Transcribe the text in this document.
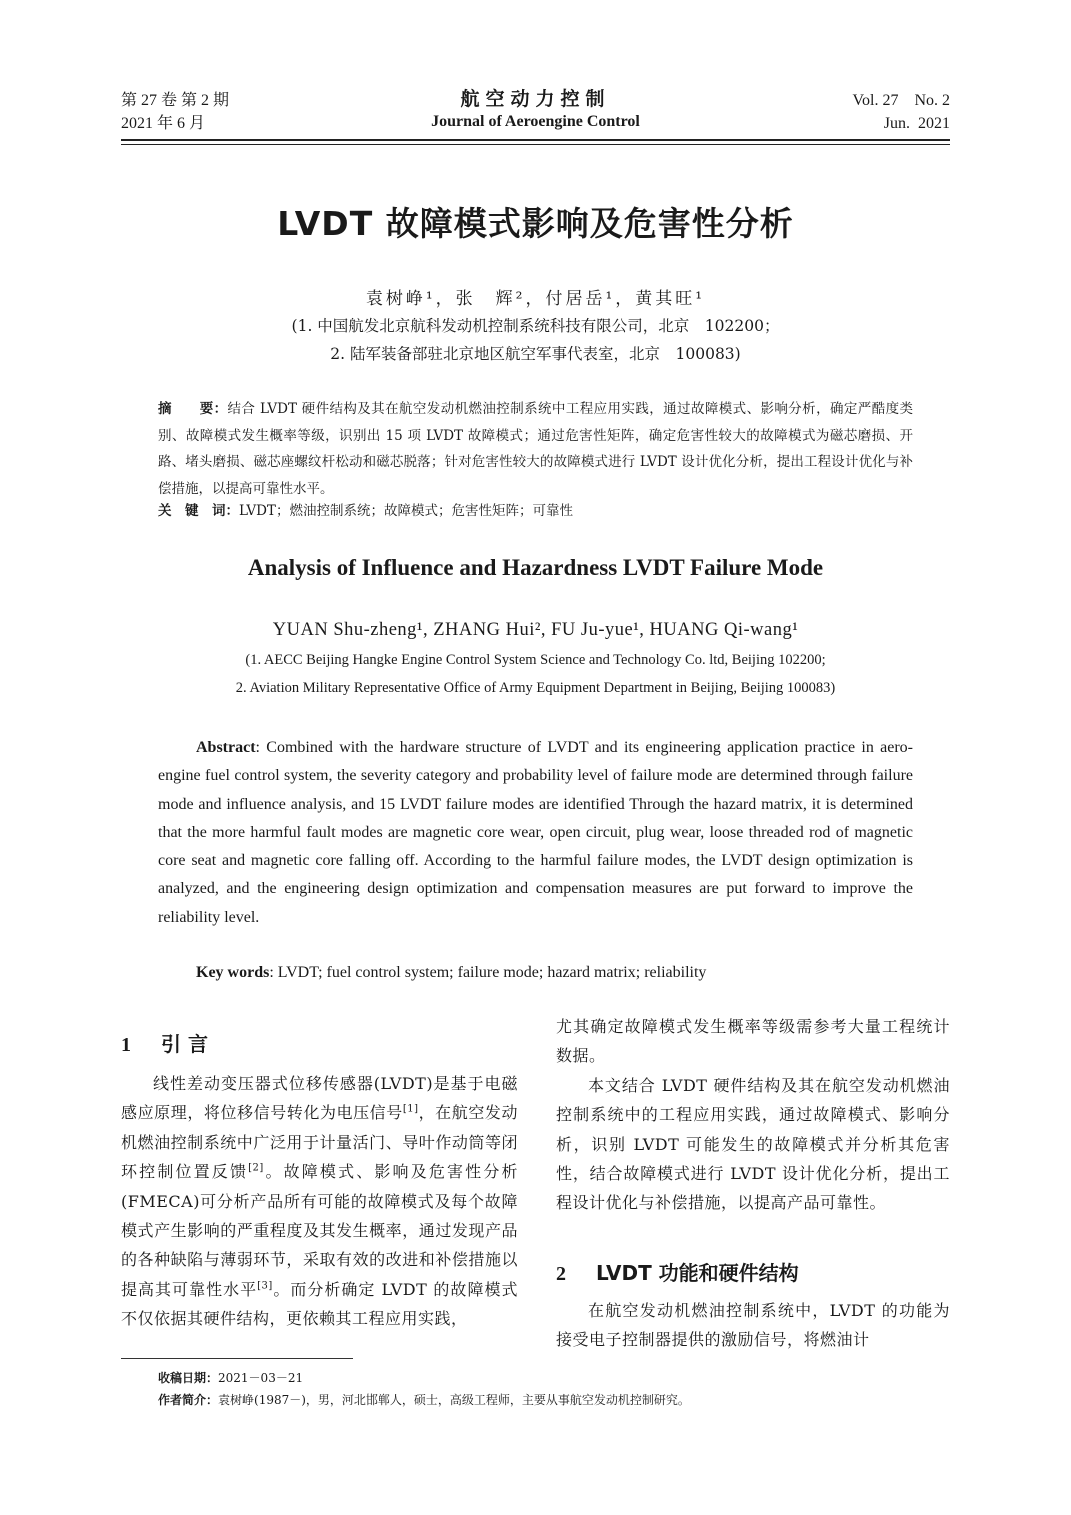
第 27 卷 第 2 期
2021 年 6 月
航空动力控制
Journal of Aeroengine Control
Vol. 27    No. 2
Jun.  2021
LVDT 故障模式影响及危害性分析
袁树峥¹，张　辉²，付居岳¹，黄其旺¹
(1. 中国航发北京航科发动机控制系统科技有限公司，北京　102200；
2. 陆军装备部驻北京地区航空军事代表室，北京　100083)
摘　　要：结合 LVDT 硬件结构及其在航空发动机燃油控制系统中工程应用实践，通过故障模式、影响分析，确定严酷度类别、故障模式发生概率等级，识别出 15 项 LVDT 故障模式；通过危害性矩阵，确定危害性较大的故障模式为磁芯磨损、开路、堵头磨损、磁芯座螺纹杆松动和磁芯脱落；针对危害性较大的故障模式进行 LVDT 设计优化分析，提出工程设计优化与补偿措施，以提高可靠性水平。
关　键　词：LVDT；燃油控制系统；故障模式；危害性矩阵；可靠性
Analysis of Influence and Hazardness LVDT Failure Mode
YUAN Shu-zheng¹, ZHANG Hui², FU Ju-yue¹, HUANG Qi-wang¹
(1. AECC Beijing Hangke Engine Control System Science and Technology Co. ltd, Beijing 102200;
2. Aviation Military Representative Office of Army Equipment Department in Beijing, Beijing 100083)
Abstract: Combined with the hardware structure of LVDT and its engineering application practice in aero-engine fuel control system, the severity category and probability level of failure mode are determined through failure mode and influence analysis, and 15 LVDT failure modes are identified Through the hazard matrix, it is determined that the more harmful fault modes are magnetic core wear, open circuit, plug wear, loose threaded rod of magnetic core seat and magnetic core falling off. According to the harmful failure modes, the LVDT design optimization is analyzed, and the engineering design optimization and compensation measures are put forward to improve the reliability level.
Key words: LVDT; fuel control system; failure mode; hazard matrix; reliability
1 引 言

线性差动变压器式位移传感器(LVDT)是基于电磁感应原理，将位移信号转化为电压信号[1]，在航空发动机燃油控制系统中广泛用于计量活门、导叶作动筒等闭环控制位置反馈[2]。故障模式、影响及危害性分析(FMECA)可分析产品所有可能的故障模式及每个故障模式产生影响的严重程度及其发生概率，通过发现产品的各种缺陷与薄弱环节，采取有效的改进和补偿措施以提高其可靠性水平[3]。而分析确定 LVDT 的故障模式不仅依据其硬件结构，更依赖其工程应用实践，

尤其确定故障模式发生概率等级需参考大量工程统计数据。

本文结合 LVDT 硬件结构及其在航空发动机燃油控制系统中的工程应用实践，通过故障模式、影响分析，识别 LVDT 可能发生的故障模式并分析其危害性，结合故障模式进行 LVDT 设计优化分析，提出工程设计优化与补偿措施，以提高产品可靠性。

2 LVDT 功能和硬件结构

在航空发动机燃油控制系统中，LVDT 的功能为接受电子控制器提供的激励信号，将燃油计

收稿日期：2021－03－21
作者简介：袁树峥(1987－)，男，河北邯郸人，硕士，高级工程师，主要从事航空发动机控制研究。
